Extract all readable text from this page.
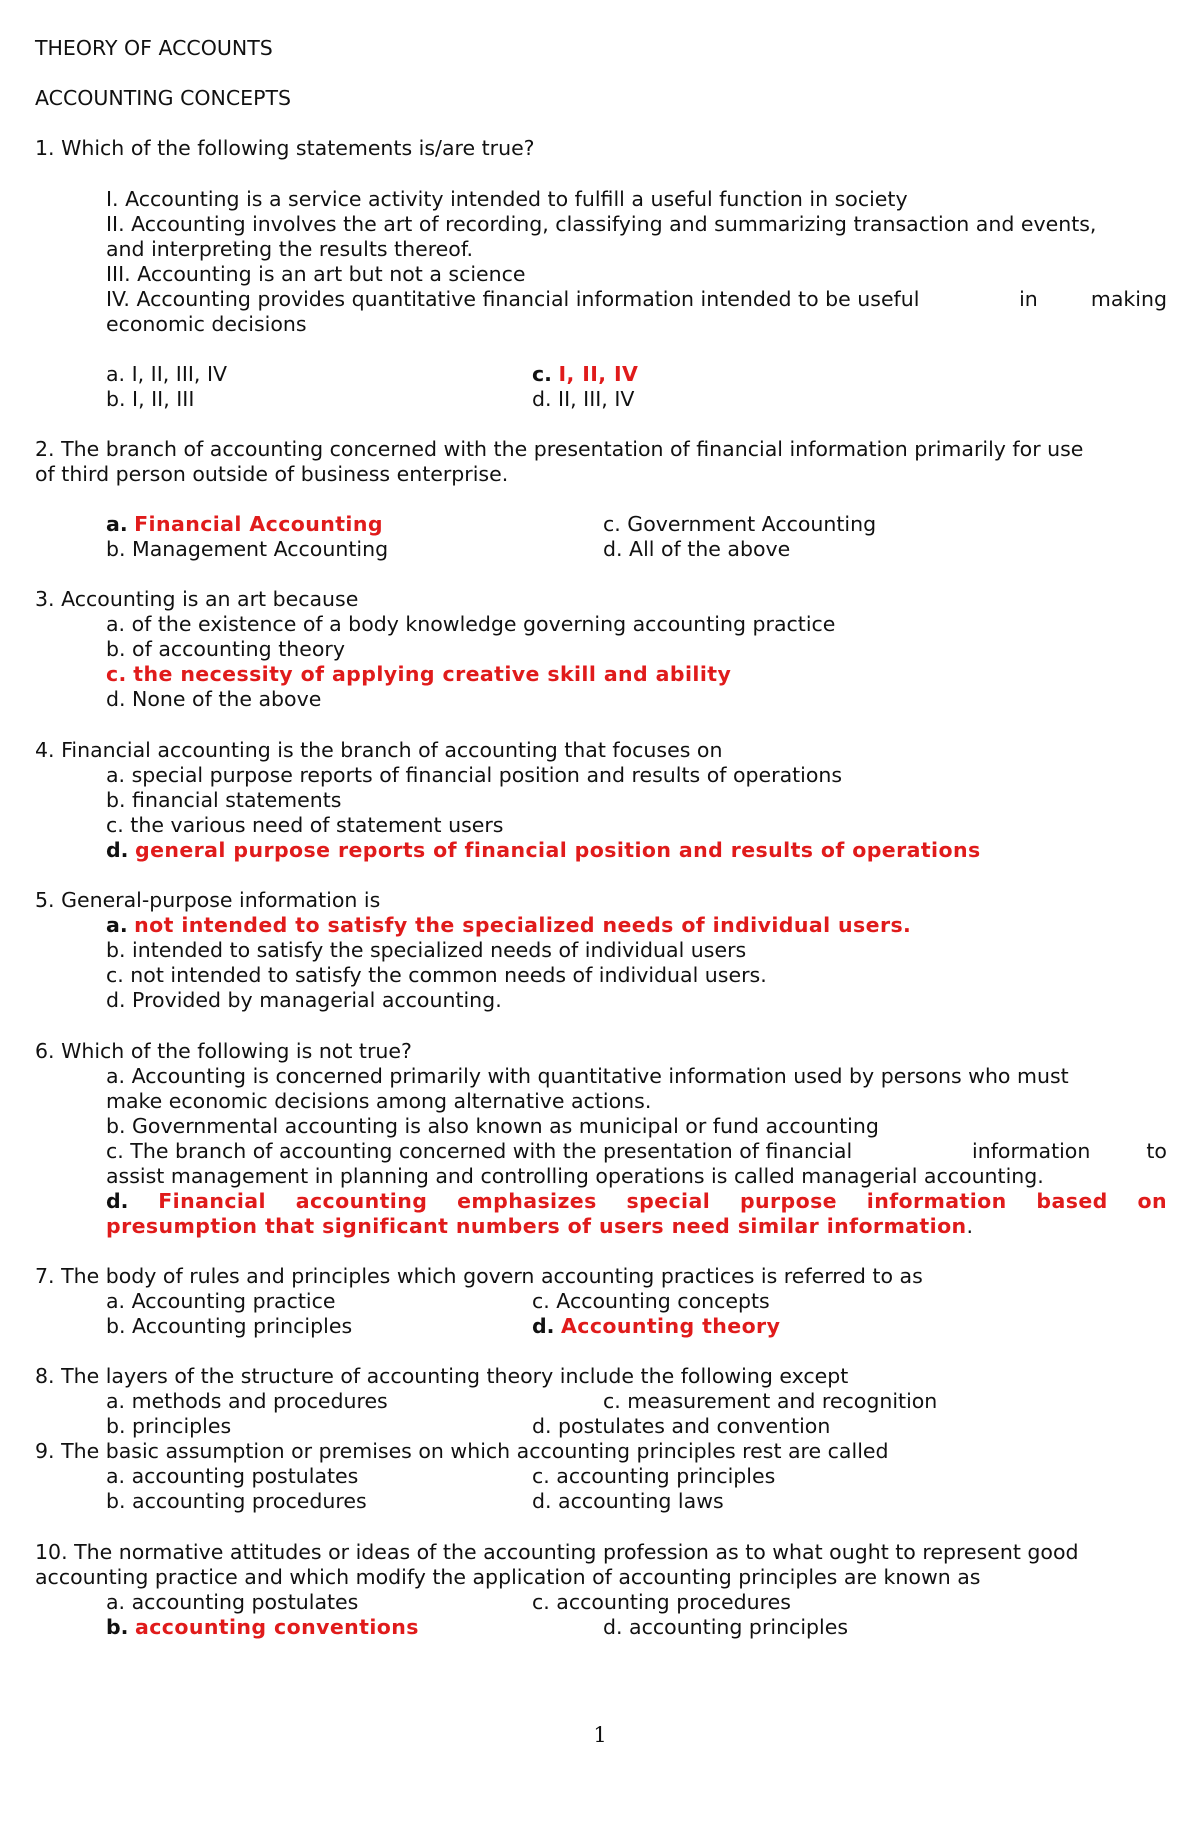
THEORY OF ACCOUNTS
ACCOUNTING CONCEPTS
1. Which of the following statements is/are true?
I. Accounting is a service activity intended to fulfill a useful function in society
II. Accounting involves the art of recording, classifying and summarizing transaction and events,
and interpreting the results thereof.
III. Accounting is an art but not a science
IV. Accounting provides quantitative financial information intended to be useful	in	making
economic decisions
a. I, II, III, IV	c. I, II, IV
b. I, II, III	d. II, III, IV
2. The branch of accounting concerned with the presentation of financial information primarily for use
of third person outside of business enterprise.
a. Financial Accounting	c. Government Accounting
b. Management Accounting	d. All of the above
3. Accounting is an art because
a. of the existence of a body knowledge governing accounting practice
b. of accounting theory
c. the necessity of applying creative skill and ability
d. None of the above
4. Financial accounting is the branch of accounting that focuses on
a. special purpose reports of financial position and results of operations
b. financial statements
c. the various need of statement users
d. general purpose reports of financial position and results of operations
5. General-purpose information is
a. not intended to satisfy the specialized needs of individual users.
b. intended to satisfy the specialized needs of individual users
c. not intended to satisfy the common needs of individual users.
d. Provided by managerial accounting.
6. Which of the following is not true?
a. Accounting is concerned primarily with quantitative information used by persons who must
make economic decisions among alternative actions.
b. Governmental accounting is also known as municipal or fund accounting
c. The branch of accounting concerned with the presentation of financial	information	to
assist management in planning and controlling operations is called managerial accounting.
d. Financial accounting emphasizes special purpose information based on
presumption that significant numbers of users need similar information.
7. The body of rules and principles which govern accounting practices is referred to as
a. Accounting practice	c. Accounting concepts
b. Accounting principles	d. Accounting theory
8. The layers of the structure of accounting theory include the following except
a. methods and procedures	c. measurement and recognition
b. principles	d. postulates and convention
9. The basic assumption or premises on which accounting principles rest are called
a. accounting postulates	c. accounting principles
b. accounting procedures	d. accounting laws
10. The normative attitudes or ideas of the accounting profession as to what ought to represent good
accounting practice and which modify the application of accounting principles are known as
a. accounting postulates	c. accounting procedures
b. accounting conventions	d. accounting principles
1
